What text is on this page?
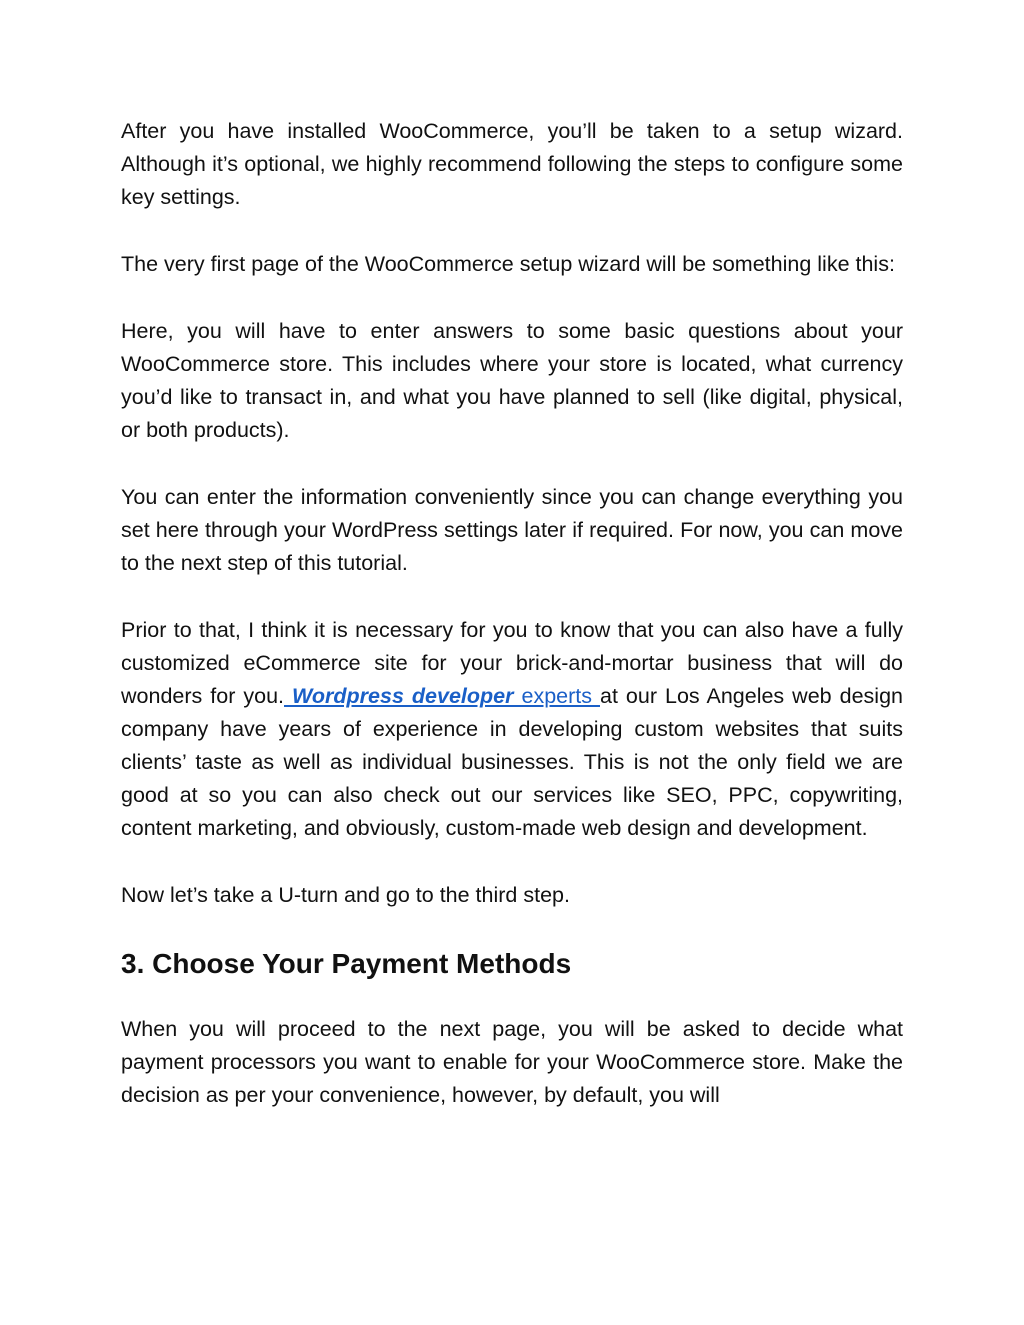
After you have installed WooCommerce, you’ll be taken to a setup wizard. Although it’s optional, we highly recommend following the steps to configure some key settings.

The very first page of the WooCommerce setup wizard will be something like this:

Here, you will have to enter answers to some basic questions about your WooCommerce store. This includes where your store is located, what currency you’d like to transact in, and what you have planned to sell (like digital, physical, or both products).

You can enter the information conveniently since you can change everything you set here through your WordPress settings later if required. For now, you can move to the next step of this tutorial.

Prior to that, I think it is necessary for you to know that you can also have a fully customized eCommerce site for your brick-and-mortar business that will do wonders for you. Wordpress developer experts at our Los Angeles web design company have years of experience in developing custom websites that suits clients’ taste as well as individual businesses. This is not the only field we are good at so you can also check out our services like SEO, PPC, copywriting, content marketing, and obviously, custom-made web design and development.

Now let’s take a U-turn and go to the third step.

3. Choose Your Payment Methods

When you will proceed to the next page, you will be asked to decide what payment processors you want to enable for your WooCommerce store. Make the decision as per your convenience, however, by default, you will
